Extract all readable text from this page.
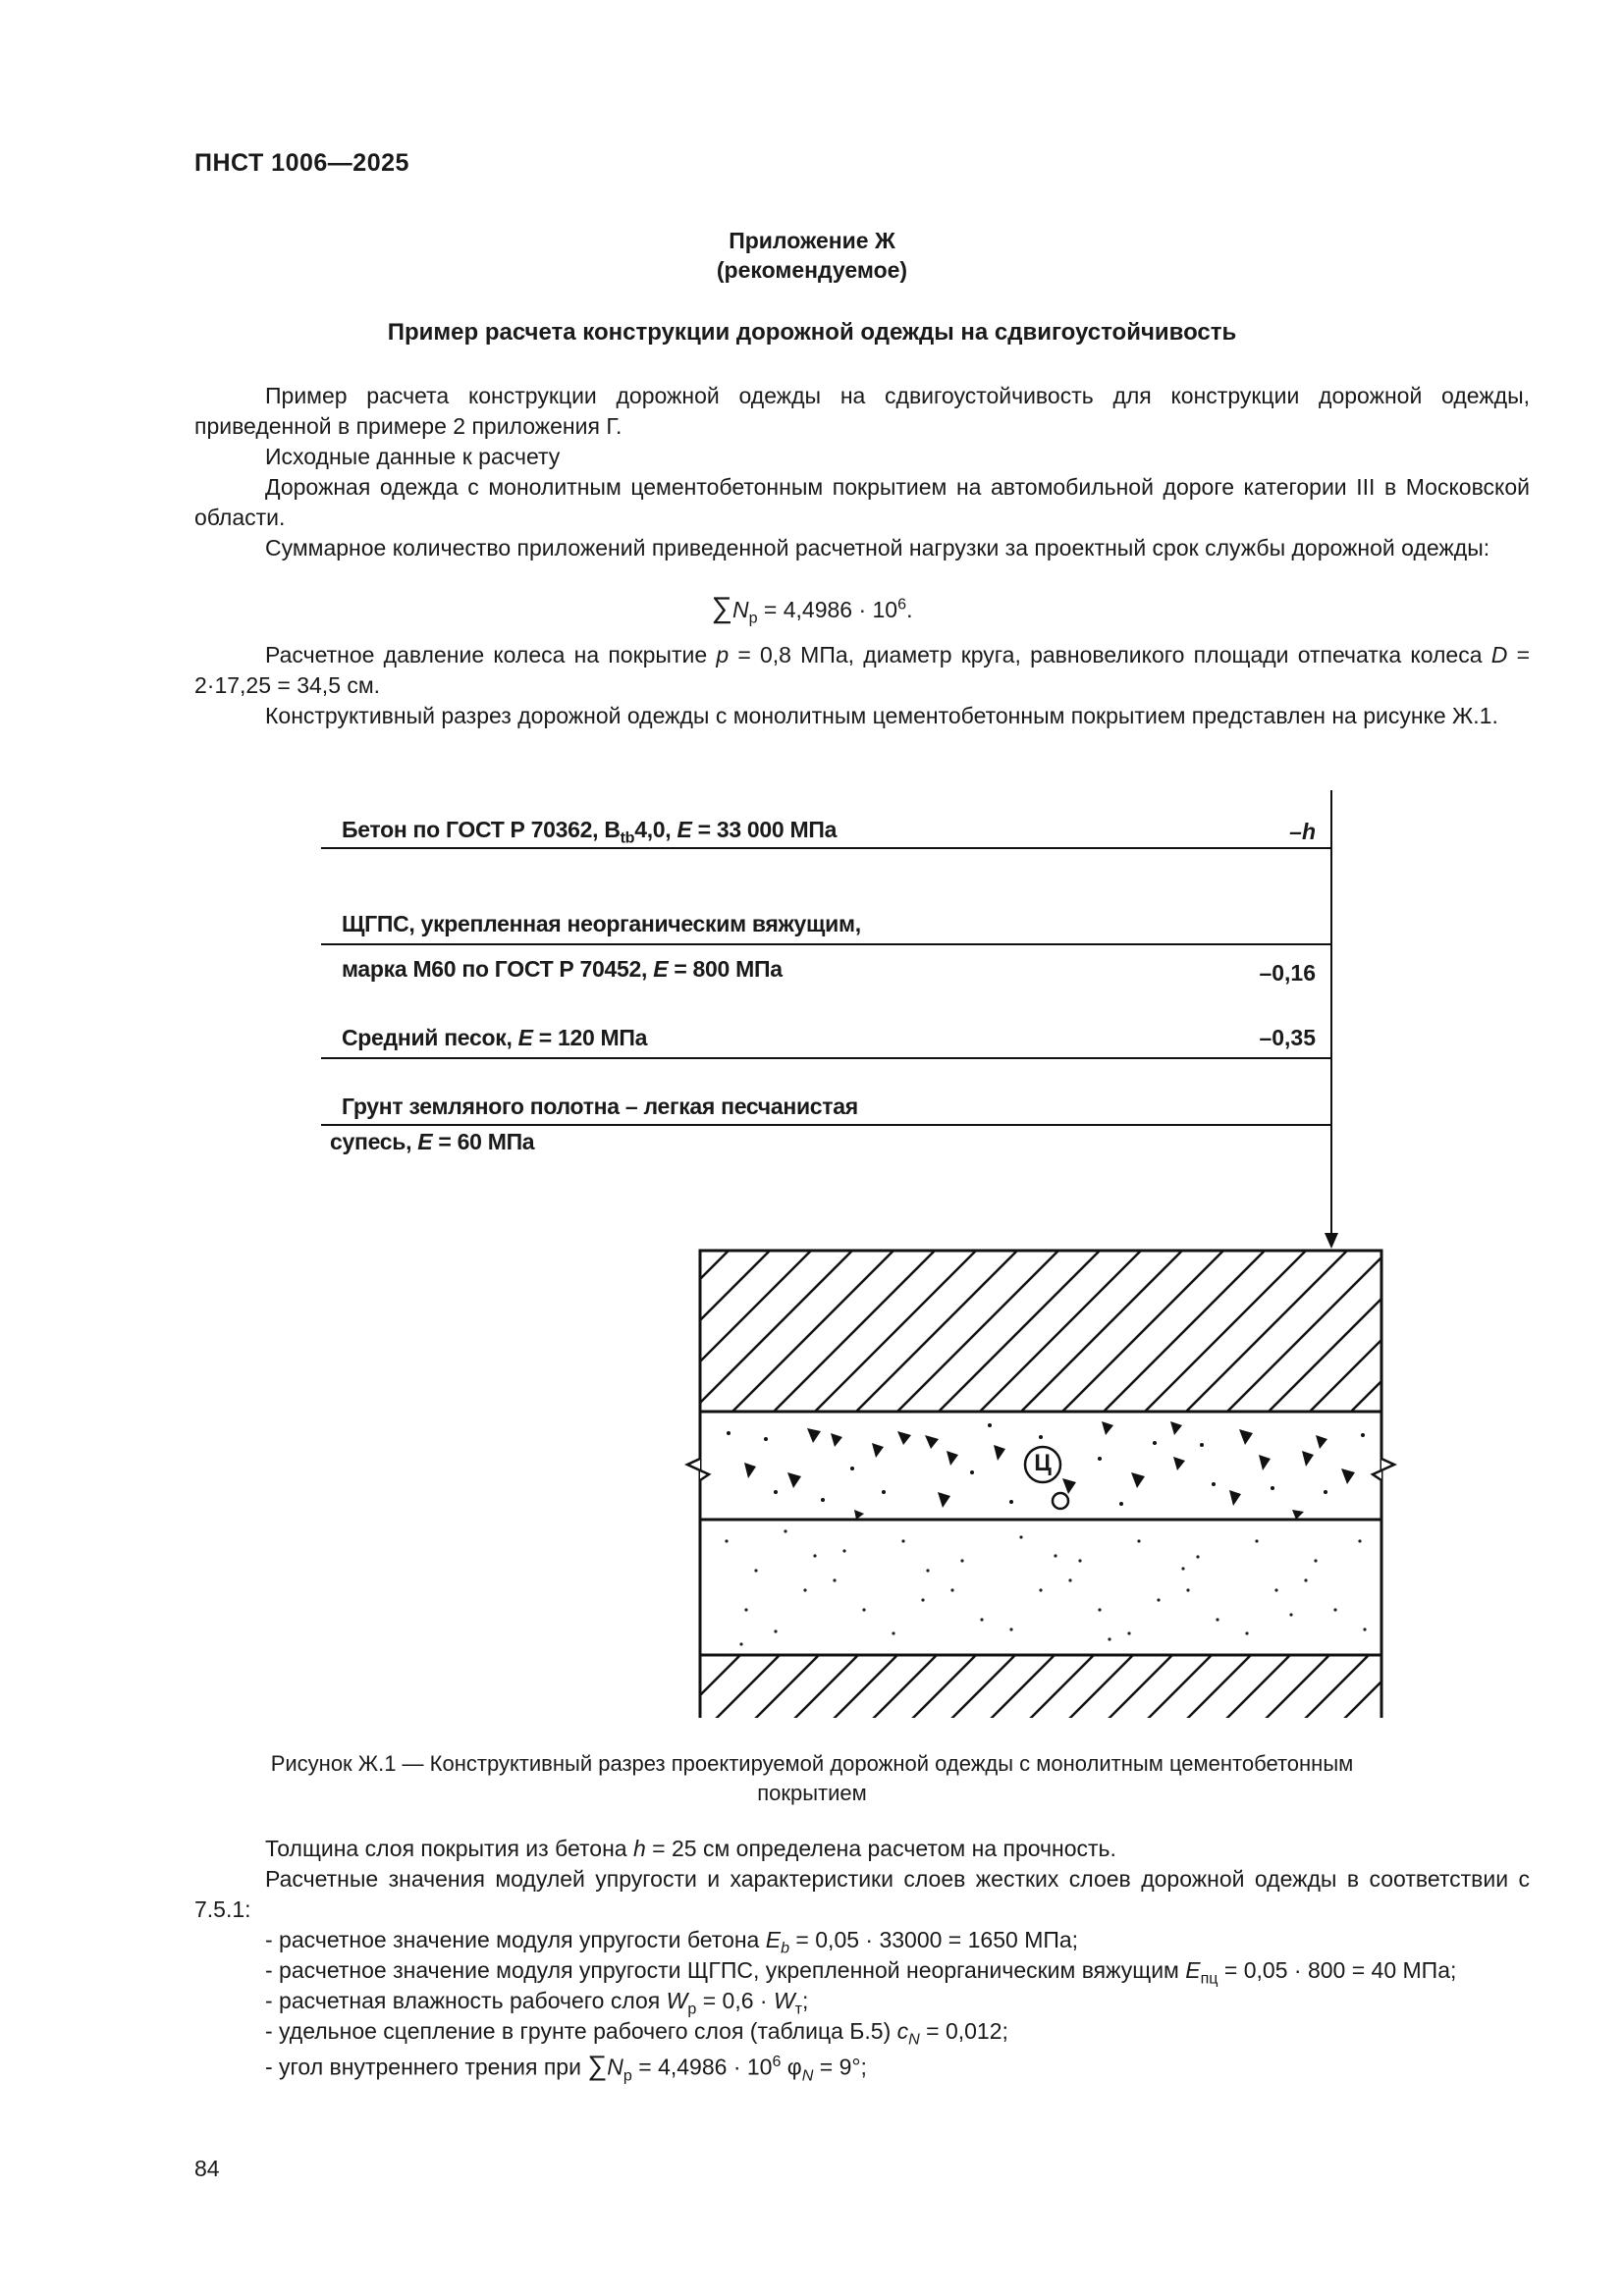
ПНСТ 1006—2025
Приложение Ж
(рекомендуемое)
Пример расчета конструкции дорожной одежды на сдвигоустойчивость
Пример расчета конструкции дорожной одежды на сдвигоустойчивость для конструкции дорожной одежды, приведенной в примере 2 приложения Г.
Исходные данные к расчету
Дорожная одежда с монолитным цементобетонным покрытием на автомобильной дороге категории III в Московской области.
Суммарное количество приложений приведенной расчетной нагрузки за проектный срок службы дорожной одежды:
$\sum N_р = 4,4986 \cdot 10^6$.
Расчетное давление колеса на покрытие p = 0,8 МПа, диаметр круга, равновеликого площади отпечатка колеса D = 2·17,25 = 34,5 см.
Конструктивный разрез дорожной одежды с монолитным цементобетонным покрытием представлен на рисунке Ж.1.
Бетон по ГОСТ Р 70362, $В_{tb}4,0$, E = 33 000 МПа	–h
ЩГПС, укрепленная неорганическим вяжущим,
марка М60 по ГОСТ Р 70452, E = 800 МПа	–0,16
Средний песок, E = 120 МПа	–0,35
Грунт земляного полотна – легкая песчанистая
супесь, E = 60 МПа
Ц
Рисунок Ж.1 — Конструктивный разрез проектируемой дорожной одежды с монолитным цементобетонным
покрытием
Толщина слоя покрытия из бетона h = 25 см определена расчетом на прочность.
Расчетные значения модулей упругости и характеристики слоев жестких слоев дорожной одежды в соответствии с 7.5.1:
- расчетное значение модуля упругости бетона $E_b = 0,05 \cdot 33000 = 1650$ МПа;
- расчетное значение модуля упругости ЩГПС, укрепленной неорганическим вяжущим $E_{пц} = 0,05 \cdot 800 = 40$ МПа;
- расчетная влажность рабочего слоя $W_р = 0,6 \cdot W_т$;
- удельное сцепление в грунте рабочего слоя (таблица Б.5) $c_N = 0,012$;
- угол внутреннего трения при $\sum N_р = 4,4986 \cdot 10^6$ $\varphi_N = 9^\circ$;
84
